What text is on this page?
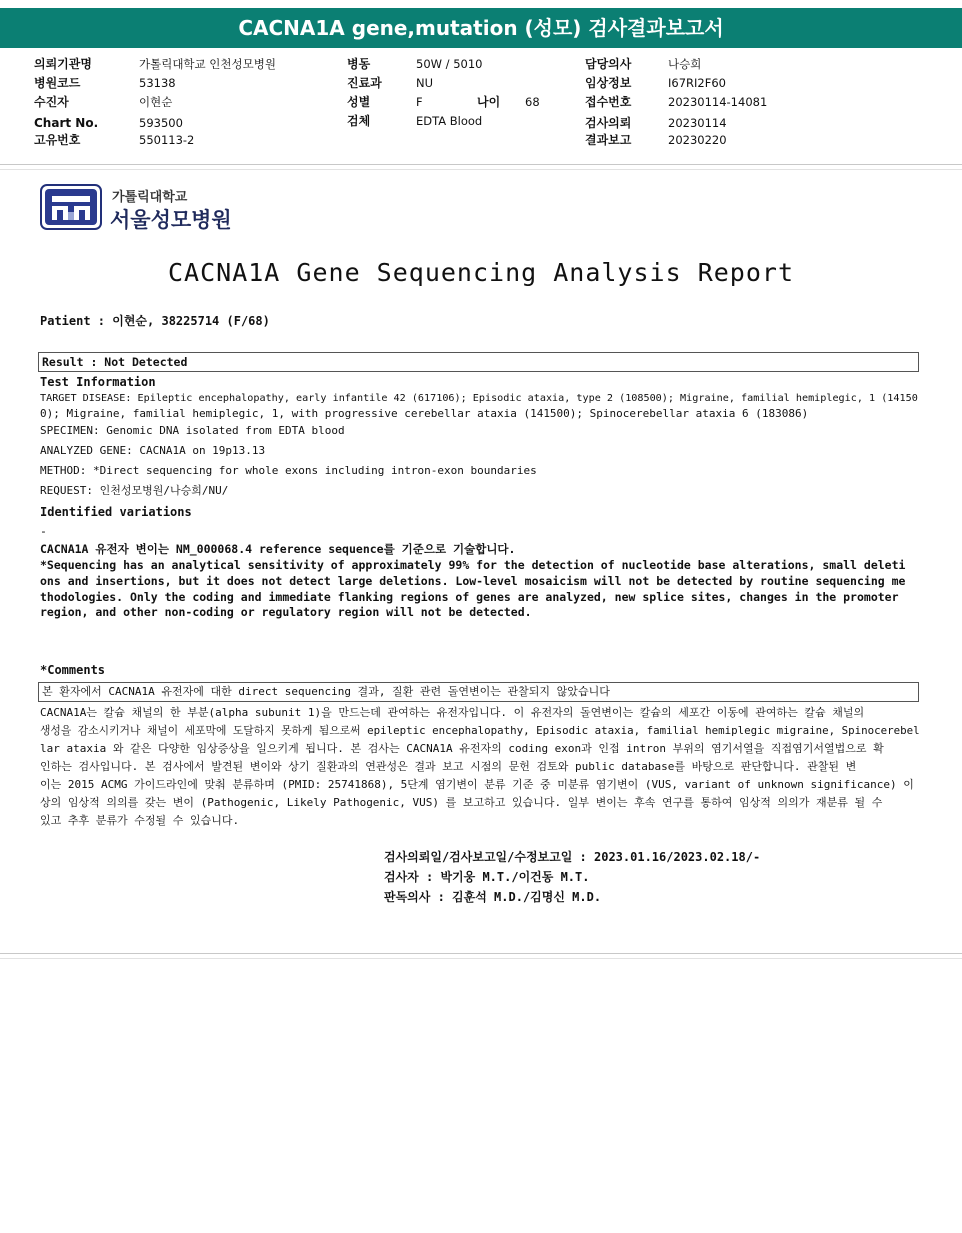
CACNA1A gene,mutation (성모) 검사결과보고서
의뢰기관명	가톨릭대학교 인천성모병원
병원코드	53138
수진자	이현순
Chart No.	593500
고유번호	550113-2
병동	50W / 5010
진료과	NU
성별	F	나이 68
검체	EDTA Blood
담당의사	나승희
임상정보	I67RI2F60
접수번호	20230114-14081
검사의뢰	20230114
결과보고	20230220
가톨릭대학교
서울성모병원
CACNA1A Gene Sequencing Analysis Report
Patient : 이현순, 38225714 (F/68)
Result : Not Detected
Test Information
TARGET DISEASE: Epileptic encephalopathy, early infantile 42 (617106); Episodic ataxia, type 2 (108500); Migraine, familial hemiplegic, 1 (14150
0); Migraine, familial hemiplegic, 1, with progressive cerebellar ataxia (141500); Spinocerebellar ataxia 6 (183086)
SPECIMEN: Genomic DNA isolated from EDTA blood
ANALYZED GENE: CACNA1A on 19p13.13
METHOD: *Direct sequencing for whole exons including intron-exon boundaries
REQUEST: 인천성모병원/나승희/NU/
Identified variations
-
CACNA1A 유전자 변이는 NM_000068.4 reference sequence를 기준으로 기술합니다.
*Sequencing has an analytical sensitivity of approximately 99% for the detection of nucleotide base alterations, small deleti
ons and insertions, but it does not detect large deletions. Low-level mosaicism will not be detected by routine sequencing me
thodologies. Only the coding and immediate flanking regions of genes are analyzed, new splice sites, changes in the promoter
region, and other non-coding or regulatory region will not be detected.
*Comments
본 환자에서 CACNA1A 유전자에 대한 direct sequencing 결과, 질환 관련 돌연변이는 관찰되지 않았습니다
CACNA1A는 칼슘 채널의 한 부분(alpha subunit 1)을 만드는데 관여하는 유전자입니다. 이 유전자의 돌연변이는 칼슘의 세포간 이동에 관여하는 칼슘 채널의
생성을 감소시키거나 채널이 세포막에 도달하지 못하게 됨으로써 epileptic encephalopathy, Episodic ataxia, familial hemiplegic migraine, Spinocerebel
lar ataxia 와 같은 다양한 임상증상을 일으키게 됩니다. 본 검사는 CACNA1A 유전자의 coding exon과 인접 intron 부위의 염기서열을 직접염기서열법으로 확
인하는 검사입니다. 본 검사에서 발견된 변이와 상기 질환과의 연관성은 결과 보고 시점의 문헌 검토와 public database를 바탕으로 판단합니다. 관찰된 변
이는 2015 ACMG 가이드라인에 맞춰 분류하며 (PMID: 25741868), 5단계 염기변이 분류 기준 중 미분류 염기변이 (VUS, variant of unknown significance) 이
상의 임상적 의의를 갖는 변이 (Pathogenic, Likely Pathogenic, VUS) 를 보고하고 있습니다. 일부 변이는 후속 연구를 통하여 임상적 의의가 재분류 될 수
있고 추후 분류가 수정될 수 있습니다.
검사의뢰일/검사보고일/수정보고일 : 2023.01.16/2023.02.18/-
검사자 : 박기웅 M.T./이건동 M.T.
판독의사 : 김훈석 M.D./김명신 M.D.
